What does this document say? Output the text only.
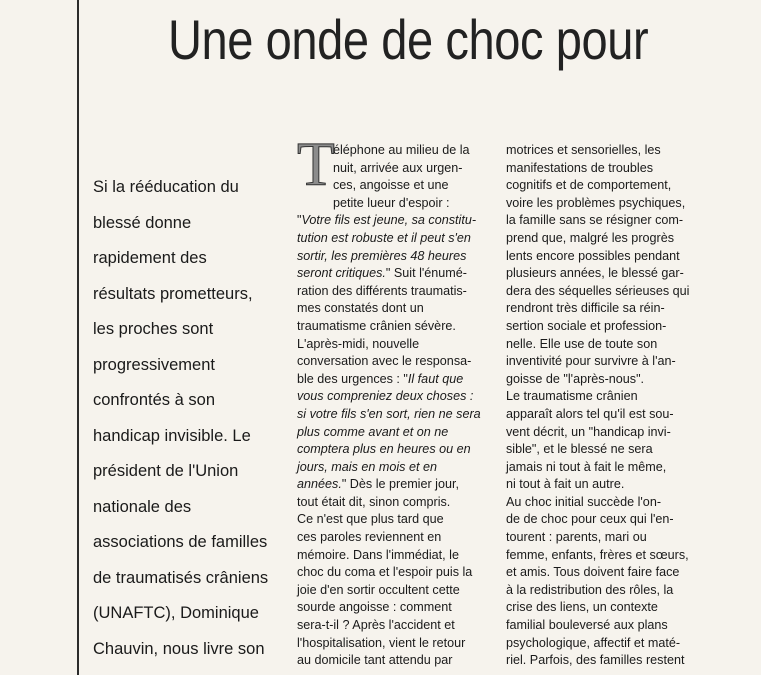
Une onde de choc pour
Si la rééducation du
blessé donne
rapidement des
résultats prometteurs,
les proches sont
progressivement
confrontés à son
handicap invisible. Le
président de l'Union
nationale des
associations de familles
de traumatisés crâniens
(UNAFTC), Dominique
Chauvin, nous livre son
T
éléphone au milieu de la
nuit, arrivée aux urgen-
ces, angoisse et une
petite lueur d'espoir :
"Votre fils est jeune, sa constitu-
tution est robuste et il peut s'en
sortir, les premières 48 heures
seront critiques." Suit l'énumé-
ration des différents traumatis-
mes constatés dont un
traumatisme crânien sévère.
L'après-midi, nouvelle
conversation avec le responsa-
ble des urgences : "Il faut que
vous compreniez deux choses :
si votre fils s'en sort, rien ne sera
plus comme avant et on ne
comptera plus en heures ou en
jours, mais en mois et en
années." Dès le premier jour,
tout était dit, sinon compris.
Ce n'est que plus tard que
ces paroles reviennent en
mémoire. Dans l'immédiat, le
choc du coma et l'espoir puis la
joie d'en sortir occultent cette
sourde angoisse : comment
sera-t-il ? Après l'accident et
l'hospitalisation, vient le retour
au domicile tant attendu par
motrices et sensorielles, les
manifestations de troubles
cognitifs et de comportement,
voire les problèmes psychiques,
la famille sans se résigner com-
prend que, malgré les progrès
lents encore possibles pendant
plusieurs années, le blessé gar-
dera des séquelles sérieuses qui
rendront très difficile sa réin-
sertion sociale et profession-
nelle. Elle use de toute son
inventivité pour survivre à l'an-
goisse de "l'après-nous".
Le traumatisme crânien
apparaît alors tel qu'il est sou-
vent décrit, un "handicap invi-
sible", et le blessé ne sera
jamais ni tout à fait le même,
ni tout à fait un autre.
Au choc initial succède l'on-
de de choc pour ceux qui l'en-
tourent : parents, mari ou
femme, enfants, frères et sœurs,
et amis. Tous doivent faire face
à la redistribution des rôles, la
crise des liens, un contexte
familial bouleversé aux plans
psychologique, affectif et maté-
riel. Parfois, des familles restent
